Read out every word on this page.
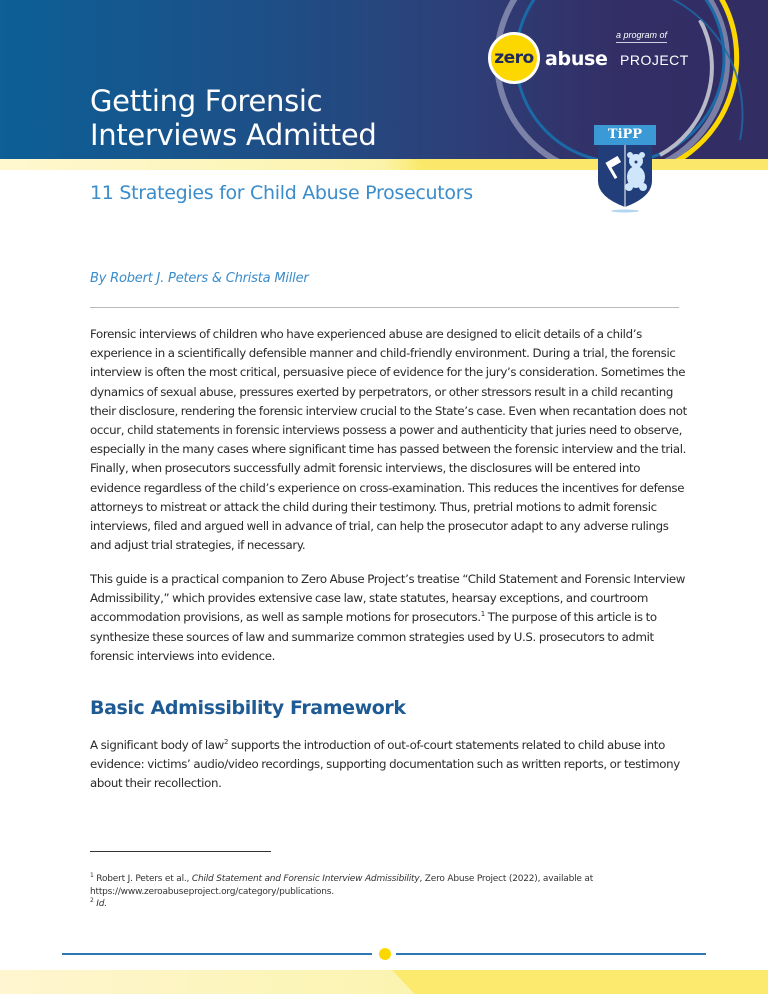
Getting Forensic
Interviews Admitted
a program of
zero abuse PROJECT
TiPP
11 Strategies for Child Abuse Prosecutors
By Robert J. Peters & Christa Miller

Forensic interviews of children who have experienced abuse are designed to elicit details of a child’s experience in a scientifically defensible manner and child-friendly environment. During a trial, the forensic interview is often the most critical, persuasive piece of evidence for the jury’s consideration. Sometimes the dynamics of sexual abuse, pressures exerted by perpetrators, or other stressors result in a child recanting their disclosure, rendering the forensic interview crucial to the State’s case. Even when recantation does not occur, child statements in forensic interviews possess a power and authenticity that juries need to observe, especially in the many cases where significant time has passed between the forensic interview and the trial. Finally, when prosecutors successfully admit forensic interviews, the disclosures will be entered into evidence regardless of the child’s experience on cross-examination. This reduces the incentives for defense attorneys to mistreat or attack the child during their testimony. Thus, pretrial motions to admit forensic interviews, filed and argued well in advance of trial, can help the prosecutor adapt to any adverse rulings and adjust trial strategies, if necessary.

This guide is a practical companion to Zero Abuse Project’s treatise “Child Statement and Forensic Interview Admissibility,” which provides extensive case law, state statutes, hearsay exceptions, and courtroom accommodation provisions, as well as sample motions for prosecutors.$^1$ The purpose of this article is to synthesize these sources of law and summarize common strategies used by U.S. prosecutors to admit forensic interviews into evidence.

Basic Admissibility Framework

A significant body of law$^2$ supports the introduction of out-of-court statements related to child abuse into evidence: victims’ audio/video recordings, supporting documentation such as written reports, or testimony about their recollection.

$^1$ Robert J. Peters et al., Child Statement and Forensic Interview Admissibility, Zero Abuse Project (2022), available at https://www.zeroabuseproject.org/category/publications.
$^2$ Id.
